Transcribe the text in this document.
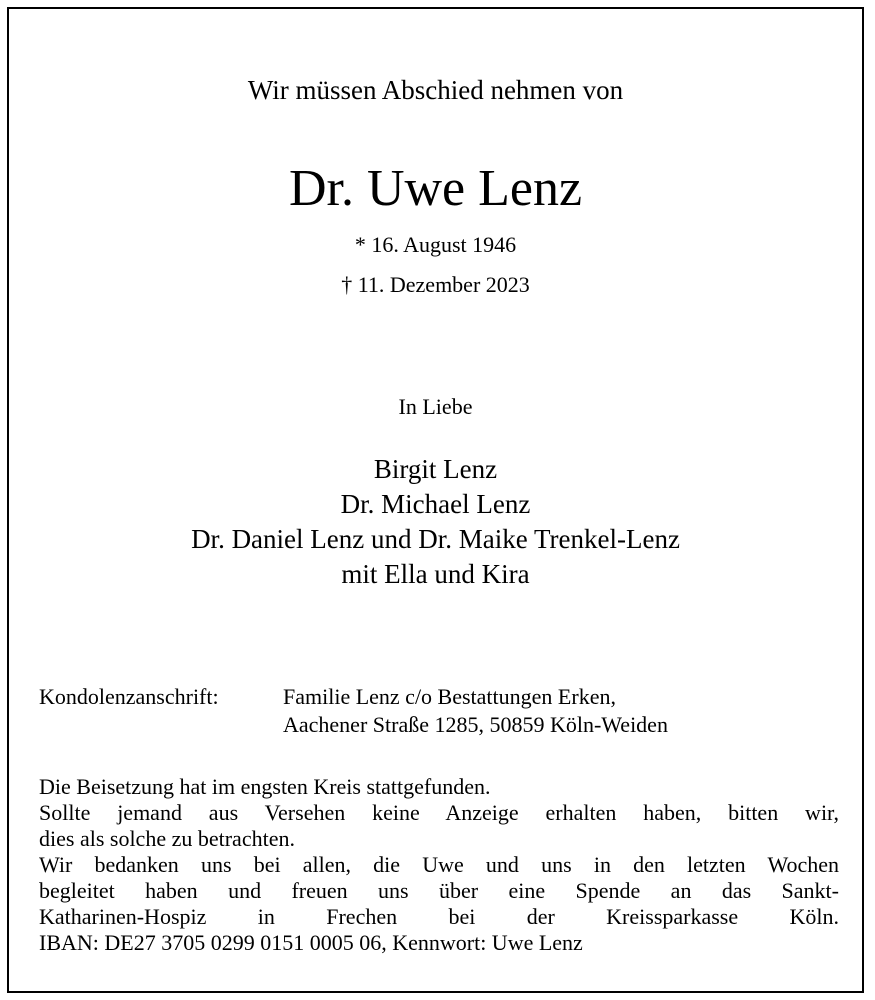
Wir müssen Abschied nehmen von
Dr. Uwe Lenz
* 16. August 1946
† 11. Dezember 2023
In Liebe
Birgit Lenz
Dr. Michael Lenz
Dr. Daniel Lenz und Dr. Maike Trenkel-Lenz
mit Ella und Kira
Kondolenzanschrift:	Familie Lenz c/o Bestattungen Erken,
Aachener Straße 1285, 50859 Köln-Weiden
Die Beisetzung hat im engsten Kreis stattgefunden.
Sollte jemand aus Versehen keine Anzeige erhalten haben, bitten wir,
dies als solche zu betrachten.
Wir bedanken uns bei allen, die Uwe und uns in den letzten Wochen
begleitet haben und freuen uns über eine Spende an das Sankt-
Katharinen-Hospiz in Frechen bei der Kreissparkasse Köln.
IBAN: DE27 3705 0299 0151 0005 06, Kennwort: Uwe Lenz
